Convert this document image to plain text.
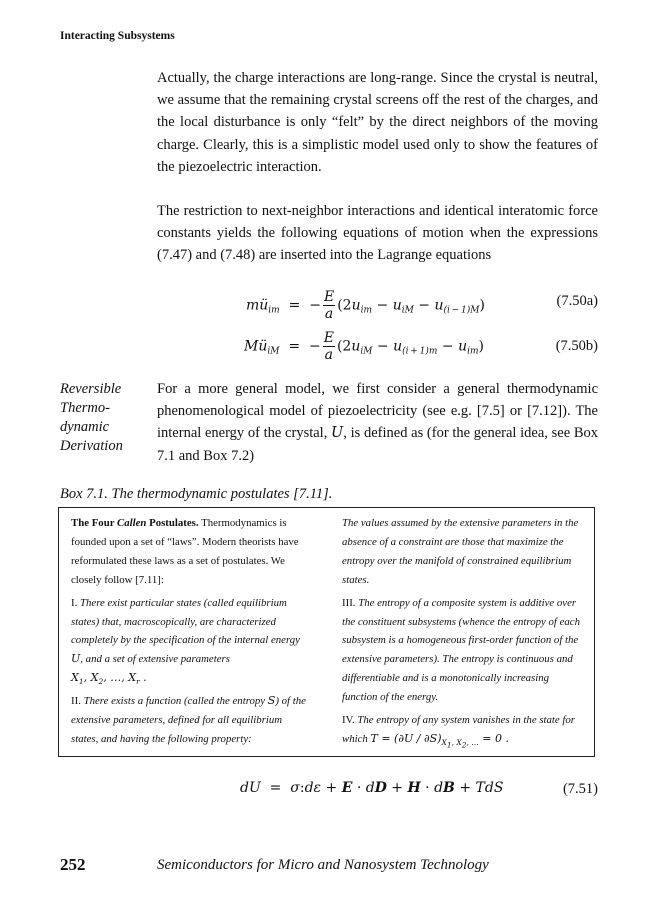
Interacting Subsystems
Actually, the charge interactions are long-range. Since the crystal is neutral, we assume that the remaining crystal screens off the rest of the charges, and the local disturbance is only “felt” by the direct neighbors of the moving charge. Clearly, this is a simplistic model used only to show the features of the piezoelectric interaction.
The restriction to next-neighbor interactions and identical interatomic force constants yields the following equations of motion when the expressions (7.47) and (7.48) are inserted into the Lagrange equations
$mü_{im}$  =  − $\frac{E}{a} (2u_{im} - u_{iM} - u_{(i - 1)M})$	(7.50a)
$Mü_{iM}$  =  − $\frac{E}{a} (2u_{iM} - u_{(i + 1)m} - u_{im})$	(7.50b)
Reversible
Thermo-
dynamic
Derivation
For a more general model, we first consider a general thermodynamic phenomenological model of piezoelectricity (see e.g. [7.5] or [7.12]). The internal energy of the crystal, U, is defined as (for the general idea, see Box 7.1 and Box 7.2)
Box 7.1. The thermodynamic postulates [7.11].

The Four Callen Postulates. Thermodynamics is founded upon a set of “laws”. Modern theorists have reformulated these laws as a set of postulates. We closely follow [7.11]:

I. There exist particular states (called equilibrium states) that, macroscopically, are characterized completely by the specification of the internal energy U, and a set of extensive parameters
$X_1$, $X_2$, …, $X_r$ .
II. There exists a function (called the entropy S) of the extensive parameters, defined for all equilibrium states, and having the following property:

The values assumed by the extensive parameters in the absence of a constraint are those that maximize the entropy over the manifold of constrained equilibrium states.

III. The entropy of a composite system is additive over the constituent subsystems (whence the entropy of each subsystem is a homogeneous first-order function of the extensive parameters). The entropy is continuous and differentiable and is a monotonically increasing function of the energy.

IV. The entropy of any system vanishes in the state for which $T = (\partial U / \partial S)_{X_1, X_2, \dots} = 0$ .

dU  =  σ:dε + E · dD + H · dB + TdS	(7.51)
252	Semiconductors for Micro and Nanosystem Technology
